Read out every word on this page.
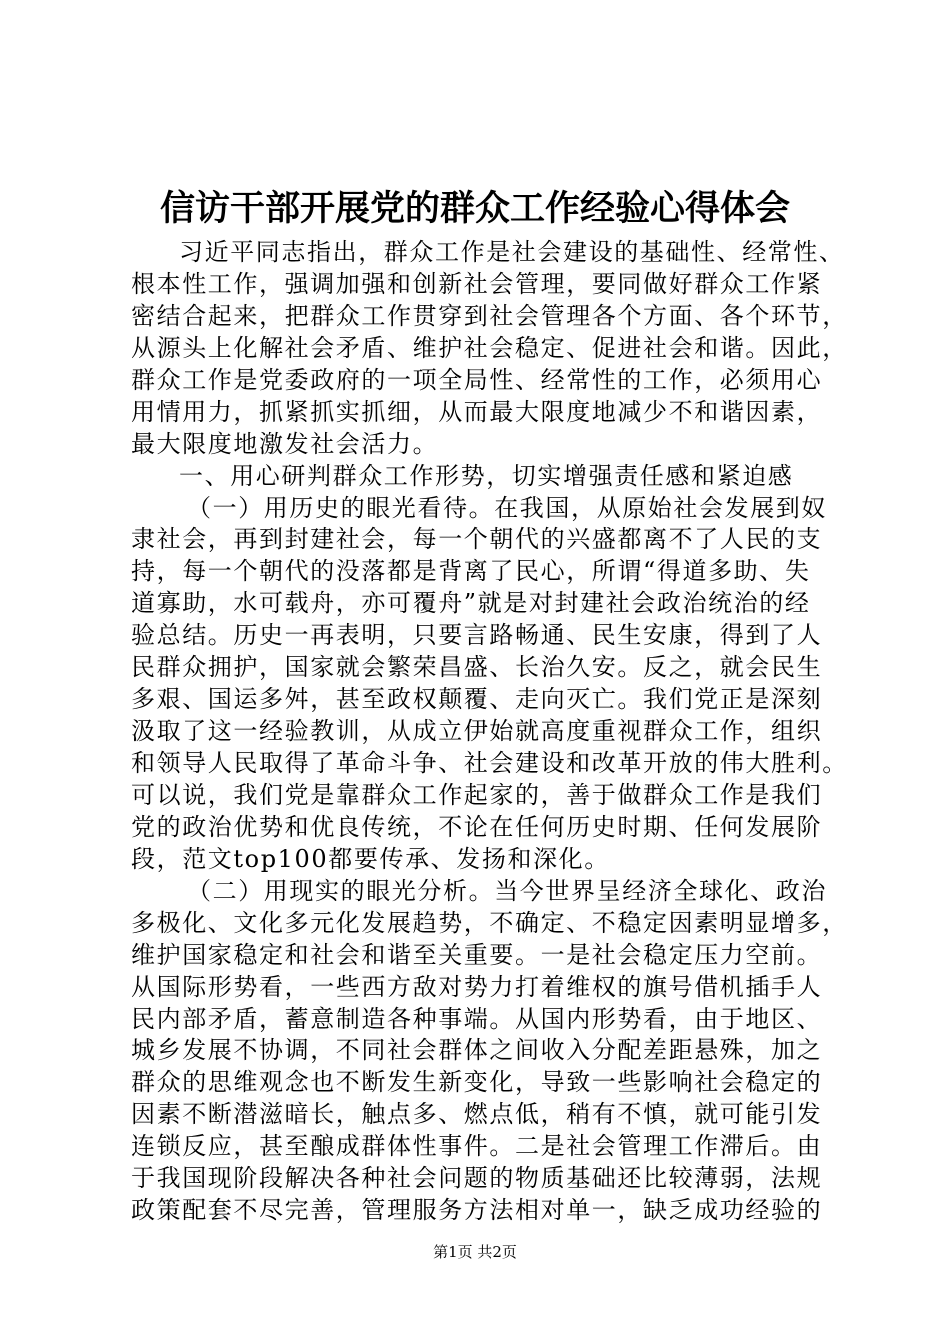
信访干部开展党的群众工作经验心得体会
习近平同志指出，群众工作是社会建设的基础性、经常性、
根本性工作，强调加强和创新社会管理，要同做好群众工作紧
密结合起来，把群众工作贯穿到社会管理各个方面、各个环节，
从源头上化解社会矛盾、维护社会稳定、促进社会和谐。因此，
群众工作是党委政府的一项全局性、经常性的工作，必须用心
用情用力，抓紧抓实抓细，从而最大限度地减少不和谐因素，
最大限度地激发社会活力。
一、用心研判群众工作形势，切实增强责任感和紧迫感
（一）用历史的眼光看待。在我国，从原始社会发展到奴
隶社会，再到封建社会，每一个朝代的兴盛都离不了人民的支
持，每一个朝代的没落都是背离了民心，所谓“得道多助、失
道寡助，水可载舟，亦可覆舟”就是对封建社会政治统治的经
验总结。历史一再表明，只要言路畅通、民生安康，得到了人
民群众拥护，国家就会繁荣昌盛、长治久安。反之，就会民生
多艰、国运多舛，甚至政权颠覆、走向灭亡。我们党正是深刻
汲取了这一经验教训，从成立伊始就高度重视群众工作，组织
和领导人民取得了革命斗争、社会建设和改革开放的伟大胜利。
可以说，我们党是靠群众工作起家的，善于做群众工作是我们
党的政治优势和优良传统，不论在任何历史时期、任何发展阶
段，范文top100都要传承、发扬和深化。
（二）用现实的眼光分析。当今世界呈经济全球化、政治
多极化、文化多元化发展趋势，不确定、不稳定因素明显增多，
维护国家稳定和社会和谐至关重要。一是社会稳定压力空前。
从国际形势看，一些西方敌对势力打着维权的旗号借机插手人
民内部矛盾，蓄意制造各种事端。从国内形势看，由于地区、
城乡发展不协调，不同社会群体之间收入分配差距悬殊，加之
群众的思维观念也不断发生新变化，导致一些影响社会稳定的
因素不断潜滋暗长，触点多、燃点低，稍有不慎，就可能引发
连锁反应，甚至酿成群体性事件。二是社会管理工作滞后。由
于我国现阶段解决各种社会问题的物质基础还比较薄弱，法规
政策配套不尽完善，管理服务方法相对单一，缺乏成功经验的
第1页 共2页
